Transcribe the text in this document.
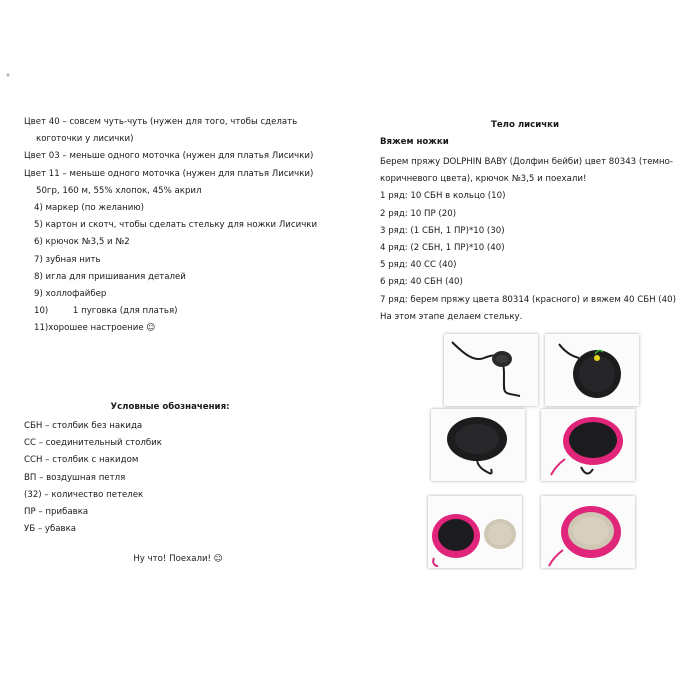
*
Цвет 40 – совсем чуть-чуть (нужен для того, чтобы сделать
коготочки у лисички)
Цвет 03 – меньше одного моточка (нужен для платья Лисички)
Цвет 11 – меньше одного моточка (нужен для платья Лисички)
50гр, 160 м, 55% хлопок, 45% акрил
4) маркер (по желанию)
5) картон и скотч, чтобы сделать стельку для ножки Лисички
6) крючок №3,5 и №2
7) зубная нить
8) игла для пришивания деталей
9) холлофайбер
10)         1 пуговка (для платья)
11)хорошее настроение ☺
Условные обозначения:
СБН – столбик без накида
СС – соединительный столбик
ССН – столбик с накидом
ВП – воздушная петля
(32) – количество петелек
ПР – прибавка
УБ – убавка
Ну что! Поехали! ☺
Тело лисички
Вяжем ножки
Берем пряжу DOLPHIN BABY (Долфин бейби) цвет 80343 (темно-
коричневого цвета), крючок №3,5 и поехали!
1 ряд: 10 СБН в кольцо (10)
2 ряд: 10 ПР (20)
3 ряд: (1 СБН, 1 ПР)*10 (30)
4 ряд: (2 СБН, 1 ПР)*10 (40)
5 ряд: 40 СС (40)
6 ряд: 40 СБН (40)
7 ряд: берем пряжу цвета 80314 (красного) и вяжем 40 СБН (40)
На этом этапе делаем стельку.
